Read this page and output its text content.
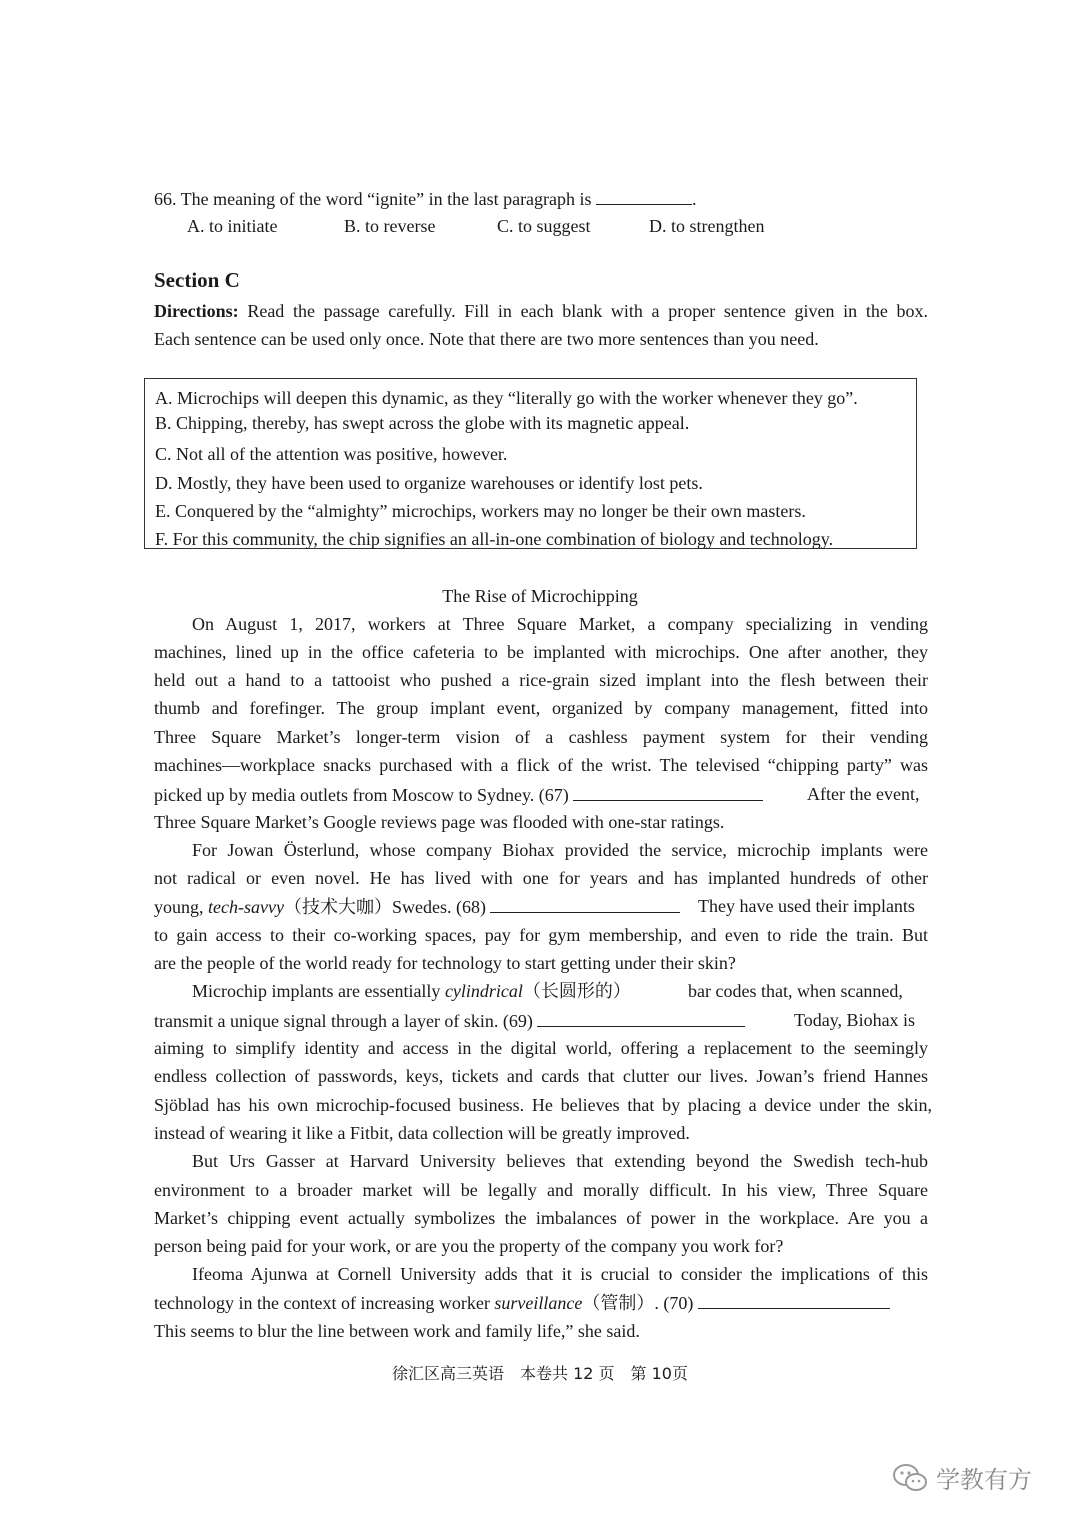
66. The meaning of the word “ignite” in the last paragraph is	.
A. to initiate	B. to reverse	C. to suggest	D. to strengthen
Section C
Directions: Read the passage carefully. Fill in each blank with a proper sentence given in the box.
Each sentence can be used only once. Note that there are two more sentences than you need.
A. Microchips will deepen this dynamic, as they “literally go with the worker whenever they go”.
B. Chipping, thereby, has swept across the globe with its magnetic appeal.
C. Not all of the attention was positive, however.
D. Mostly, they have been used to organize warehouses or identify lost pets.
E. Conquered by the “almighty” microchips, workers may no longer be their own masters.
F. For this community, the chip signifies an all-in-one combination of biology and technology.
The Rise of Microchipping
On August 1, 2017, workers at Three Square Market, a company specializing in vending
machines, lined up in the office cafeteria to be implanted with microchips. One after another, they
held out a hand to a tattooist who pushed a rice-grain sized implant into the flesh between their
thumb and forefinger. The group implant event, organized by company management, fitted into
Three Square Market’s longer-term vision of a cashless payment system for their vending
machines—workplace snacks purchased with a flick of the wrist. The televised “chipping party” was
picked up by media outlets from Moscow to Sydney. (67)	After the event,
Three Square Market’s Google reviews page was flooded with one-star ratings.
For Jowan Österlund, whose company Biohax provided the service, microchip implants were
not radical or even novel. He has lived with one for years and has implanted hundreds of other
young, tech-savvy（技术大咖）Swedes. (68)	They have used their implants
to gain access to their co-working spaces, pay for gym membership, and even to ride the train. But
are the people of the world ready for technology to start getting under their skin?
Microchip implants are essentially cylindrical（长圆形的）	bar codes that, when scanned,
transmit a unique signal through a layer of skin. (69)	Today, Biohax is
aiming to simplify identity and access in the digital world, offering a replacement to the seemingly
endless collection of passwords, keys, tickets and cards that clutter our lives. Jowan’s friend Hannes
Sjöblad has his own microchip-focused business. He believes that by placing a device under the skin,
instead of wearing it like a Fitbit, data collection will be greatly improved.
But Urs Gasser at Harvard University believes that extending beyond the Swedish tech-hub
environment to a broader market will be legally and morally difficult. In his view, Three Square
Market’s chipping event actually symbolizes the imbalances of power in the workplace. Are you a
person being paid for your work, or are you the property of the company you work for?
Ifeoma Ajunwa at Cornell University adds that it is crucial to consider the implications of this
technology in the context of increasing worker surveillance（管制）. (70)
This seems to blur the line between work and family life,” she said.
徐汇区高三英语　本卷共 12 页　第 10页
学教有方
